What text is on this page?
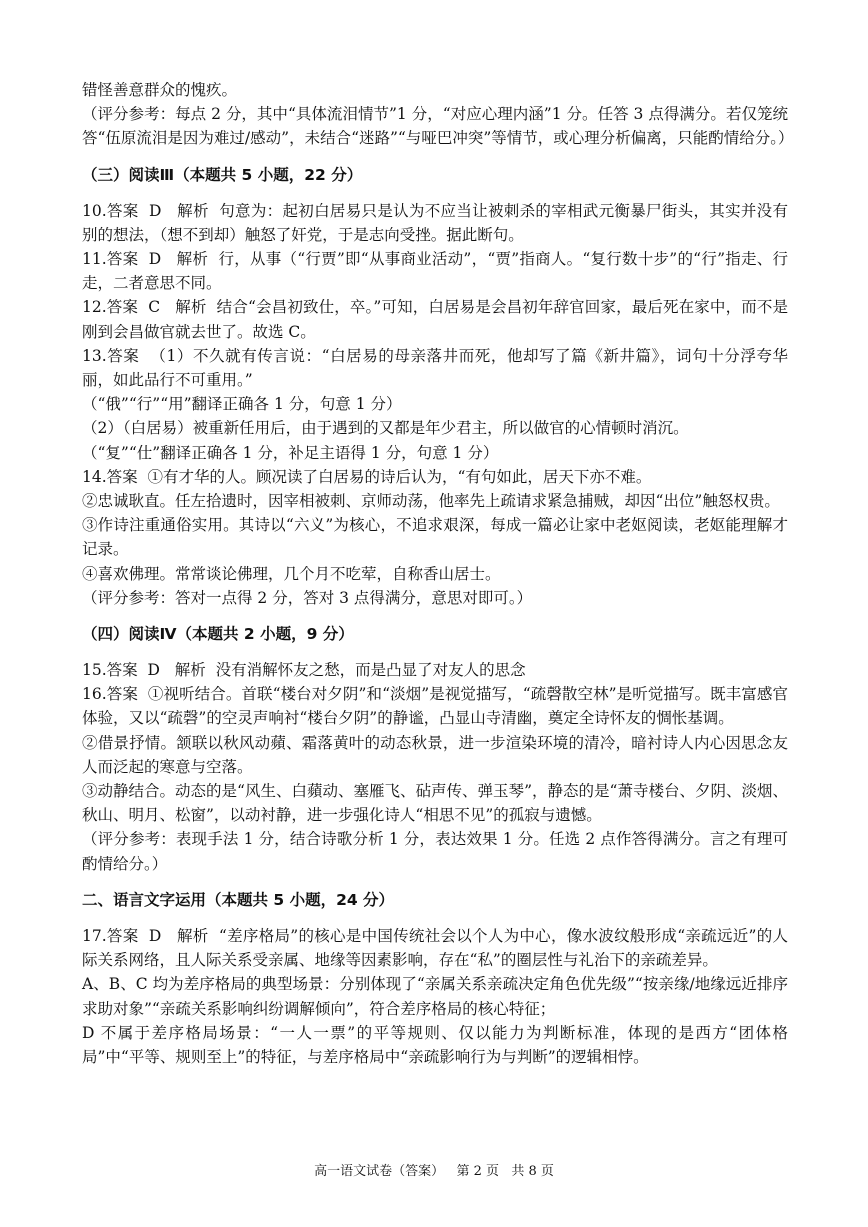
错怪善意群众的愧疚。

（评分参考：每点 2 分，其中“具体流泪情节”1 分，“对应心理内涵”1 分。任答 3 点得满分。若仅笼统答“伍原流泪是因为难过/感动”，未结合“迷路”“与哑巴冲突”等情节，或心理分析偏离，只能酌情给分。）

（三）阅读Ⅲ（本题共 5 小题，22 分）

10.答案  D   解析  句意为：起初白居易只是认为不应当让被刺杀的宰相武元衡暴尸街头，其实并没有别的想法，（想不到却）触怒了奸党，于是志向受挫。据此断句。

11.答案  D   解析  行，从事（“行贾”即“从事商业活动”，“贾”指商人。“复行数十步”的“行”指走、行走，二者意思不同。

12.答案  C   解析  结合“会昌初致仕，卒。”可知，白居易是会昌初年辞官回家，最后死在家中，而不是刚到会昌做官就去世了。故选 C。

13.答案  （1）不久就有传言说：“白居易的母亲落井而死，他却写了篇《新井篇》，词句十分浮夸华丽，如此品行不可重用。”

（“俄”“行”“用”翻译正确各 1 分，句意 1 分）

（2）（白居易）被重新任用后，由于遇到的又都是年少君主，所以做官的心情顿时消沉。

（“复”“仕”翻译正确各 1 分，补足主语得 1 分，句意 1 分）

14.答案  ①有才华的人。顾况读了白居易的诗后认为，“有句如此，居天下亦不难。

②忠诚耿直。任左拾遗时，因宰相被刺、京师动荡，他率先上疏请求紧急捕贼，却因“出位”触怒权贵。

③作诗注重通俗实用。其诗以“六义”为核心，不追求艰深，每成一篇必让家中老妪阅读，老妪能理解才记录。

④喜欢佛理。常常谈论佛理，几个月不吃荤，自称香山居士。

（评分参考：答对一点得 2 分，答对 3 点得满分，意思对即可。）

（四）阅读Ⅳ（本题共 2 小题，9 分）

15.答案  D   解析  没有消解怀友之愁，而是凸显了对友人的思念

16.答案  ①视听结合。首联“楼台对夕阴”和“淡烟”是视觉描写，“疏磬散空林”是听觉描写。既丰富感官体验，又以“疏磬”的空灵声响衬“楼台夕阴”的静谧，凸显山寺清幽，奠定全诗怀友的惆怅基调。

②借景抒情。颔联以秋风动蘋、霜落黄叶的动态秋景，进一步渲染环境的清冷，暗衬诗人内心因思念友人而泛起的寒意与空落。

③动静结合。动态的是“风生、白蘋动、塞雁飞、砧声传、弹玉琴”，静态的是“萧寺楼台、夕阴、淡烟、秋山、明月、松窗”，以动衬静，进一步强化诗人“相思不见”的孤寂与遗憾。

（评分参考：表现手法 1 分，结合诗歌分析 1 分，表达效果 1 分。任选 2 点作答得满分。言之有理可酌情给分。）

二、语言文字运用（本题共 5 小题，24 分）

17.答案  D   解析  “差序格局”的核心是中国传统社会以个人为中心，像水波纹般形成“亲疏远近”的人际关系网络，且人际关系受亲属、地缘等因素影响，存在“私”的圈层性与礼治下的亲疏差异。

A、B、C 均为差序格局的典型场景：分别体现了“亲属关系亲疏决定角色优先级”“按亲缘/地缘远近排序求助对象”“亲疏关系影响纠纷调解倾向”，符合差序格局的核心特征；

D 不属于差序格局场景：“一人一票”的平等规则、仅以能力为判断标准，体现的是西方“团体格局”中“平等、规则至上”的特征，与差序格局中“亲疏影响行为与判断”的逻辑相悖。

高一语文试卷（答案）   第 2 页   共 8 页
